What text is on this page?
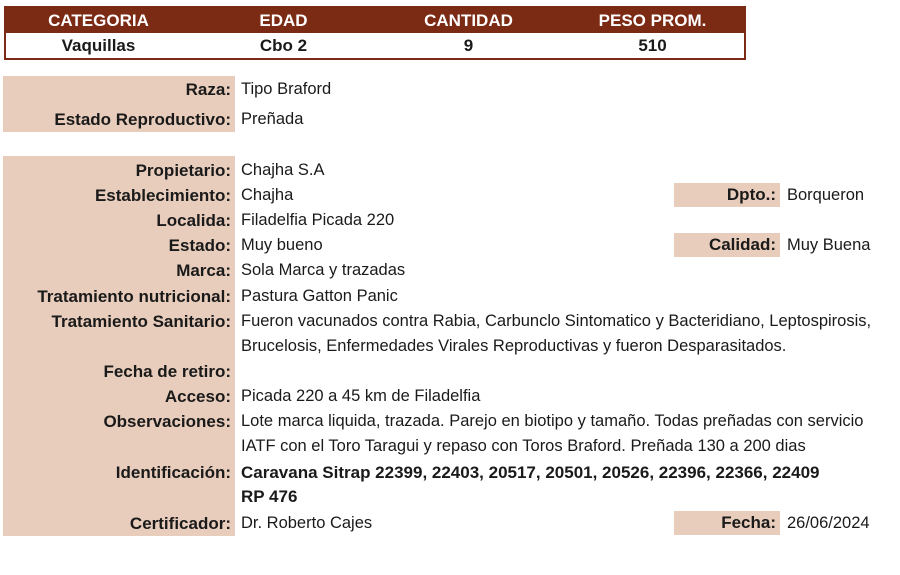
CATEGORIA	EDAD	CANTIDAD	PESO PROM.
Vaquillas	Cbo 2	9	510
Raza: Tipo Braford
Estado Reproductivo: Preñada
Propietario: Chajha S.A
Establecimiento: Chajha	Dpto.: Borqueron
Localida: Filadelfia Picada 220
Estado: Muy bueno	Calidad: Muy Buena
Marca: Sola Marca y trazadas
Tratamiento nutricional: Pastura Gatton Panic
Tratamiento Sanitario: Fueron vacunados contra Rabia, Carbunclo Sintomatico y Bacteridiano, Leptospirosis,
Brucelosis, Enfermedades Virales Reproductivas y fueron Desparasitados.
Fecha de retiro:
Acceso: Picada 220 a 45 km de Filadelfia
Observaciones: Lote marca liquida, trazada. Parejo en biotipo y tamaño. Todas preñadas con servicio
IATF con el Toro Taragui y repaso con Toros Braford. Preñada 130 a 200 dias
Identificación: Caravana Sitrap 22399, 22403, 20517, 20501, 20526, 22396, 22366, 22409
RP 476
Certificador: Dr. Roberto Cajes	Fecha: 26/06/2024
